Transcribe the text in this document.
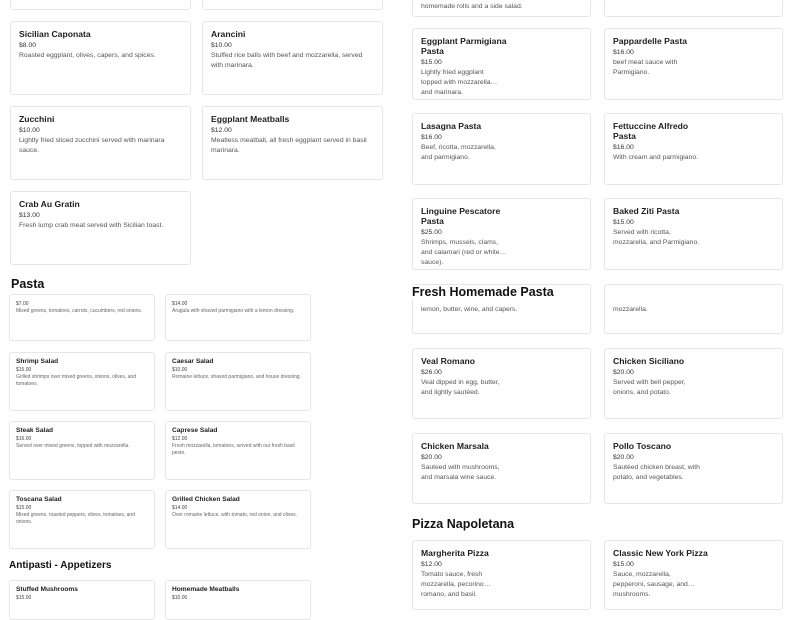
Sicilian Caponata
$8.00
Roasted eggplant, olives, capers, and spices.
Arancini
$10.00
Stuffed rice balls with beef and mozzarella, served with marinara.
Zucchini
$10.00
Lightly fried sliced zucchini served with marinara sauce.
Eggplant Meatballs
$12.00
Meatless meatball, all fresh eggplant served in basil marinara.
Crab Au Gratin
$13.00
Fresh lump crab meat served with Sicilian toast.
Pasta
$7.00
Mixed greens, tomatoes, carrots, cucumbers, red onions.
$14.00
Arugula with shaved parmigiano with a lemon dressing.
Shrimp Salad
$15.00
Grilled shrimps over mixed greens, onions, olives, and tomatoes.
Caesar Salad
$10.00
Romaine lettuce, shaved parmigiano, and house dressing.
Steak Salad
$16.00
Served over mixed greens, topped with mozzarella.
Caprese Salad
$12.00
Fresh mozzarella, tomatoes, served with our fresh basil pesto.
Toscana Salad
$15.00
Mixed greens, roasted peppers, olives, tomatoes, and onions.
Grilled Chicken Salad
$14.00
Over romaine lettuce, with tomato, red onion, and olives.
Antipasti - Appetizers
Stuffed Mushrooms
$15.00
Homemade Meatballs
$10.00
homemade rolls and a side salad.
Eggplant Parmigiana Pasta
$15.00
Lightly fried eggplant topped with mozzarella and marinara.
Pappardelle Pasta
$16.00
beef meat sauce with Parmigiano.
Lasagna Pasta
$16.00
Beef, ricotta, mozzarella, and parmigiano.
Fettuccine Alfredo Pasta
$16.00
With cream and parmigiano.
Linguine Pescatore Pasta
$25.00
Shrimps, mussels, clams, and calamari (red or white sauce).
Baked Ziti Pasta
$15.00
Served with ricotta, mozzarella, and Parmigiano.
lemon, butter, wine, and capers.	mozzarella.
Fresh Homemade Pasta
Veal Romano
$26.00
Veal dipped in egg, butter, and lightly sautéed.
Chicken Siciliano
$20.00
Served with bell pepper, onions, and potato.
Chicken Marsala
$20.00
Sauteed with mushrooms, and marsala wine sauce.
Pollo Toscano
$20.00
Sautéed chicken breast, with potato, and vegetables.
Pizza Napoletana
Margherita Pizza
$12.00
Tomato sauce, fresh mozzarella, pecorino romano, and basil.
Classic New York Pizza
$15.00
Sauce, mozzarella, pepperoni, sausage, and mushrooms.
